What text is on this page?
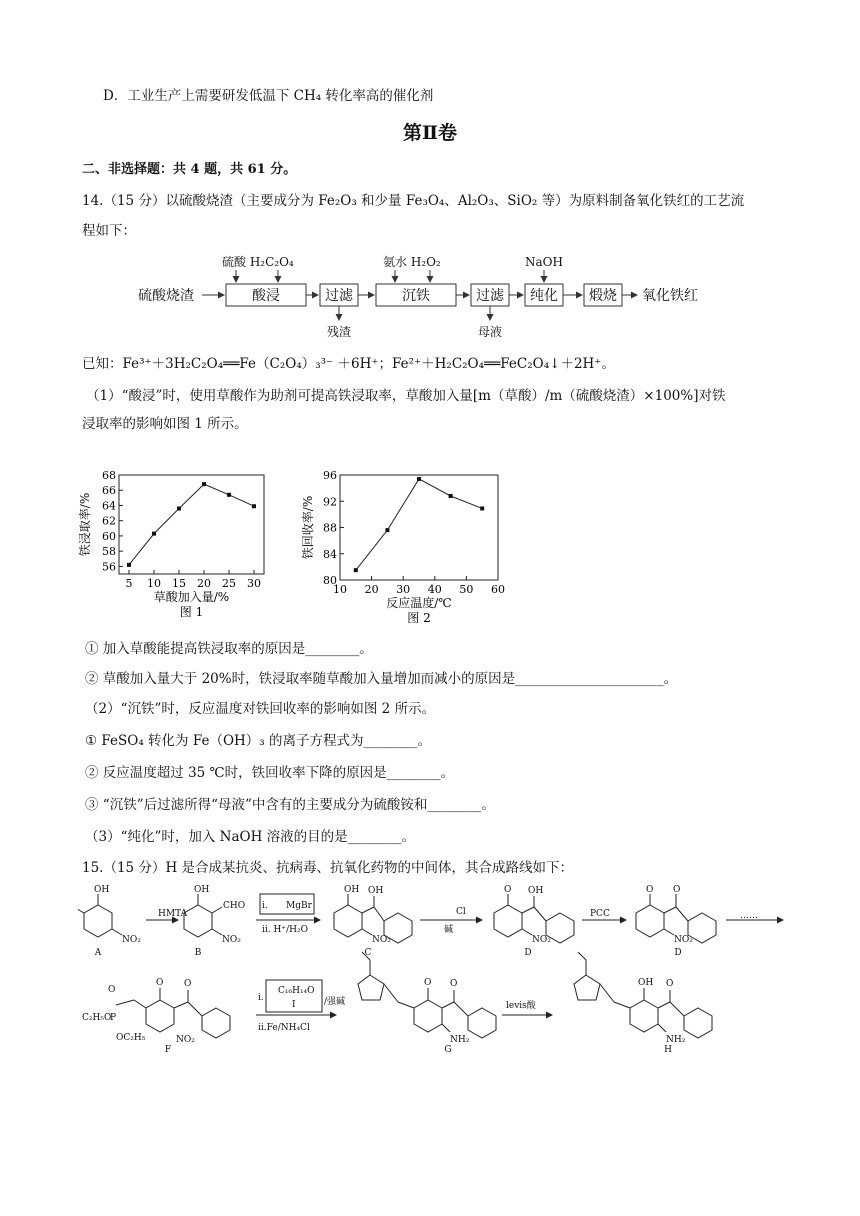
D．工业生产上需要研发低温下 CH₄ 转化率高的催化剂
第Ⅱ卷
二、非选择题：共 4 题，共 61 分。
14.（15 分）以硫酸烧渣（主要成分为 Fe₂O₃ 和少量 Fe₃O₄、Al₂O₃、SiO₂ 等）为原料制备氧化铁红的工艺流
程如下：
硫酸烧渣	酸浸	过滤	沉铁	过滤 纯化 煅烧 氧化铁红
硫酸 H₂C₂O₄	氨水 H₂O₂	NaOH
残渣	母液
已知：Fe³⁺＋3H₂C₂O₄══Fe（C₂O₄）₃³⁻ ＋6H⁺；Fe²⁺＋H₂C₂O₄══FeC₂O₄↓＋2H⁺。
（1）“酸浸”时，使用草酸作为助剂可提高铁浸取率，草酸加入量[m（草酸）/m（硫酸烧渣）×100%]对铁
浸取率的影响如图 1 所示。
5 10 15 20 25 30
56
58
60
62
64
66
68
草酸加入量/%
图 1
铁浸取率/%
10 20 30 40 50 60
80
84
88
92
96
反应温度/℃
图 2
铁回收率/%
① 加入草酸能提高铁浸取率的原因是________。
② 草酸加入量大于 20%时，铁浸取率随草酸加入量增加而减小的原因是______________________。
（2）“沉铁”时，反应温度对铁回收率的影响如图 2 所示。
① FeSO₄ 转化为 Fe（OH）₃ 的离子方程式为________。
② 反应温度超过 35 ℃时，铁回收率下降的原因是________。
③ “沉铁”后过滤所得“母液”中含有的主要成分为硫酸铵和________。
（3）“纯化”时，加入 NaOH 溶液的目的是________。
15.（15 分）H 是合成某抗炎、抗病毒、抗氧化药物的中间体，其合成路线如下：
OH
NO₂
OH
CHO
NO₂
OH OH
NO₂
O OH
NO₂
O O
NO₂
HMTA
i. MgBr
ii. H⁺/H₂O
Cl
碱
PCC	……
P
O
C₂H₅O
OC₂H₅
O O
NO₂
C₁₆H₁₄O
I
i.	/强碱
ii.Fe/NH₄Cl
O O
NH₂
levis酸
OH O
NH₂
A	B	C	D	D
F	G	H
